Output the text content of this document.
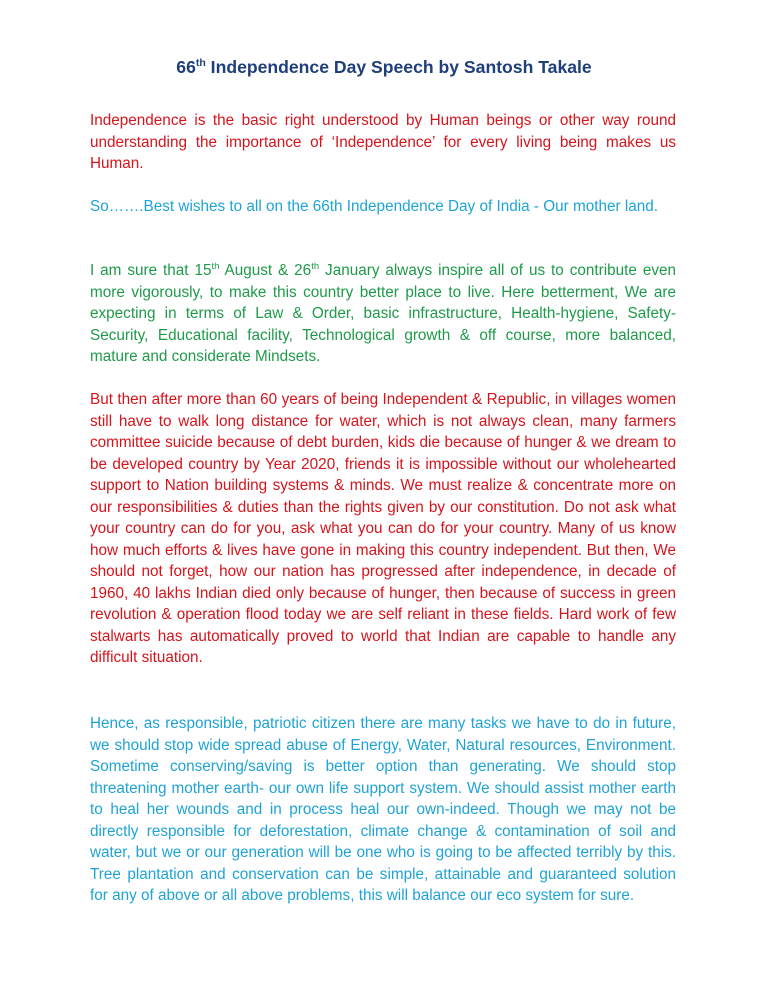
66th Independence Day Speech by Santosh Takale

Independence is the basic right understood by Human beings or other way round understanding the importance of ‘Independence’ for every living being makes us Human.

So…….Best wishes to all on the 66th Independence Day of India - Our mother land.

I am sure that 15th August & 26th January always inspire all of us to contribute even more vigorously, to make this country better place to live. Here betterment, We are expecting in terms of Law & Order, basic infrastructure, Health-hygiene, Safety-Security, Educational facility, Technological growth & off course, more balanced, mature and considerate Mindsets.

But then after more than 60 years of being Independent & Republic, in villages women still have to walk long distance for water, which is not always clean, many farmers committee suicide because of debt burden, kids die because of hunger & we dream to be developed country by Year 2020, friends it is impossible without our wholehearted support to Nation building systems & minds. We must realize & concentrate more on our responsibilities & duties than the rights given by our constitution. Do not ask what your country can do for you, ask what you can do for your country. Many of us know how much efforts & lives have gone in making this country independent. But then, We should not forget, how our nation has progressed after independence, in decade of 1960, 40 lakhs Indian died only because of hunger, then because of success in green revolution & operation flood today we are self reliant in these fields. Hard work of few stalwarts has automatically proved to world that Indian are capable to handle any difficult situation.

Hence, as responsible, patriotic citizen there are many tasks we have to do in future, we should stop wide spread abuse of Energy, Water, Natural resources, Environment. Sometime conserving/saving is better option than generating. We should stop threatening mother earth- our own life support system. We should assist mother earth to heal her wounds and in process heal our own-indeed. Though we may not be directly responsible for deforestation, climate change & contamination of soil and water, but we or our generation will be one who is going to be affected terribly by this. Tree plantation and conservation can be simple, attainable and guaranteed solution for any of above or all above problems, this will balance our eco system for sure.
